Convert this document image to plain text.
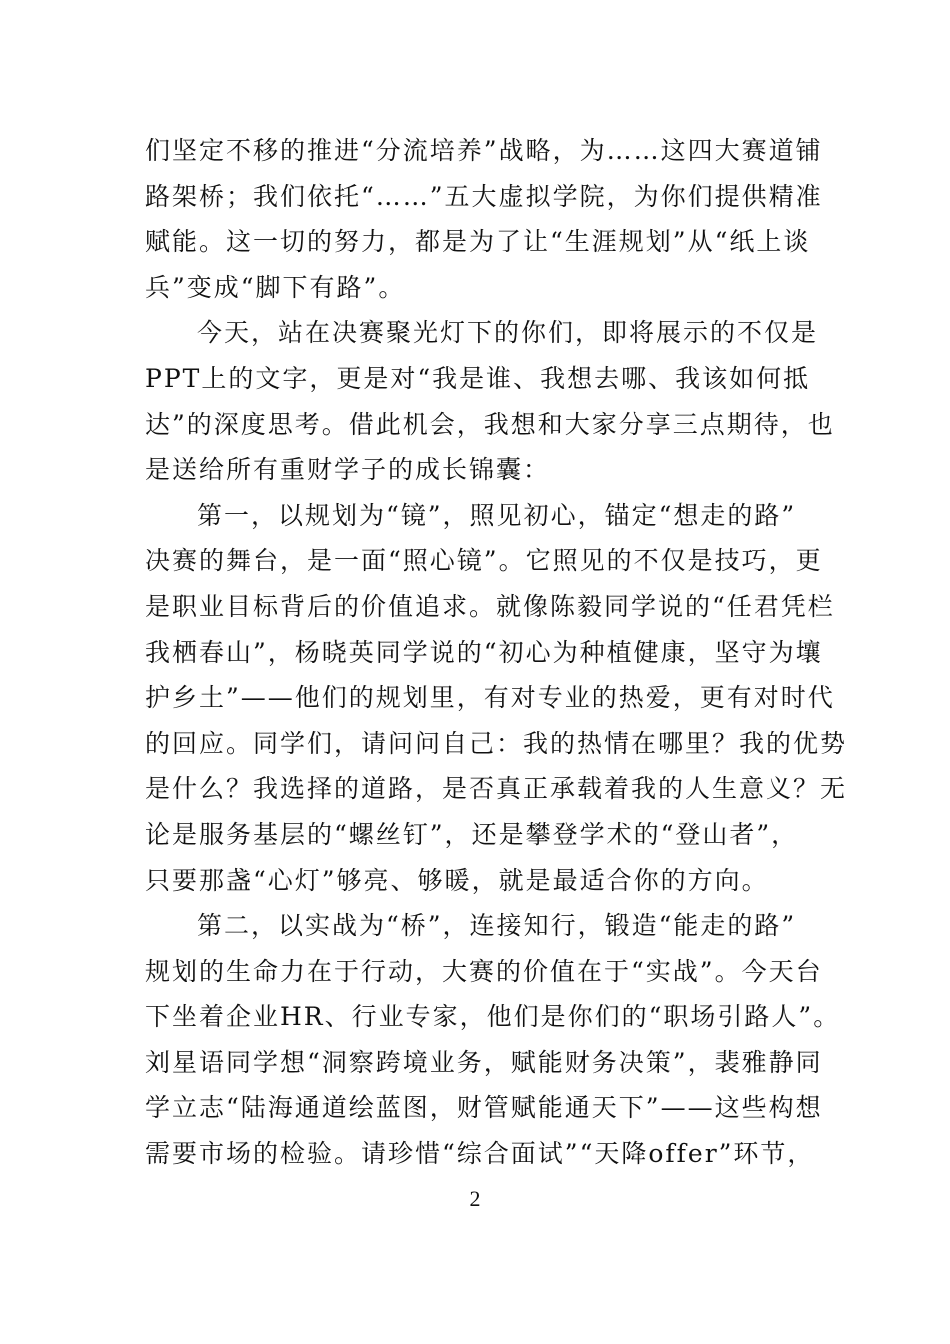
们坚定不移的推进“分流培养”战略，为……这四大赛道铺
路架桥；我们依托“……”五大虚拟学院，为你们提供精准
赋能。这一切的努力，都是为了让“生涯规划”从“纸上谈
兵”变成“脚下有路”。
今天，站在决赛聚光灯下的你们，即将展示的不仅是
PPT上的文字，更是对“我是谁、我想去哪、我该如何抵
达”的深度思考。借此机会，我想和大家分享三点期待，也
是送给所有重财学子的成长锦囊：
第一，以规划为“镜”，照见初心，锚定“想走的路”
决赛的舞台，是一面“照心镜”。它照见的不仅是技巧，更
是职业目标背后的价值追求。就像陈毅同学说的“任君凭栏
我栖春山”，杨晓英同学说的“初心为种植健康，坚守为壤
护乡土”——他们的规划里，有对专业的热爱，更有对时代
的回应。同学们，请问问自己：我的热情在哪里？我的优势
是什么？我选择的道路，是否真正承载着我的人生意义？无
论是服务基层的“螺丝钉”，还是攀登学术的“登山者”，
只要那盏“心灯”够亮、够暖，就是最适合你的方向。
第二，以实战为“桥”，连接知行，锻造“能走的路”
规划的生命力在于行动，大赛的价值在于“实战”。今天台
下坐着企业HR、行业专家，他们是你们的“职场引路人”。
刘星语同学想“洞察跨境业务，赋能财务决策”，裴雅静同
学立志“陆海通道绘蓝图，财管赋能通天下”——这些构想
需要市场的检验。请珍惜“综合面试”“天降offer”环节，
2
